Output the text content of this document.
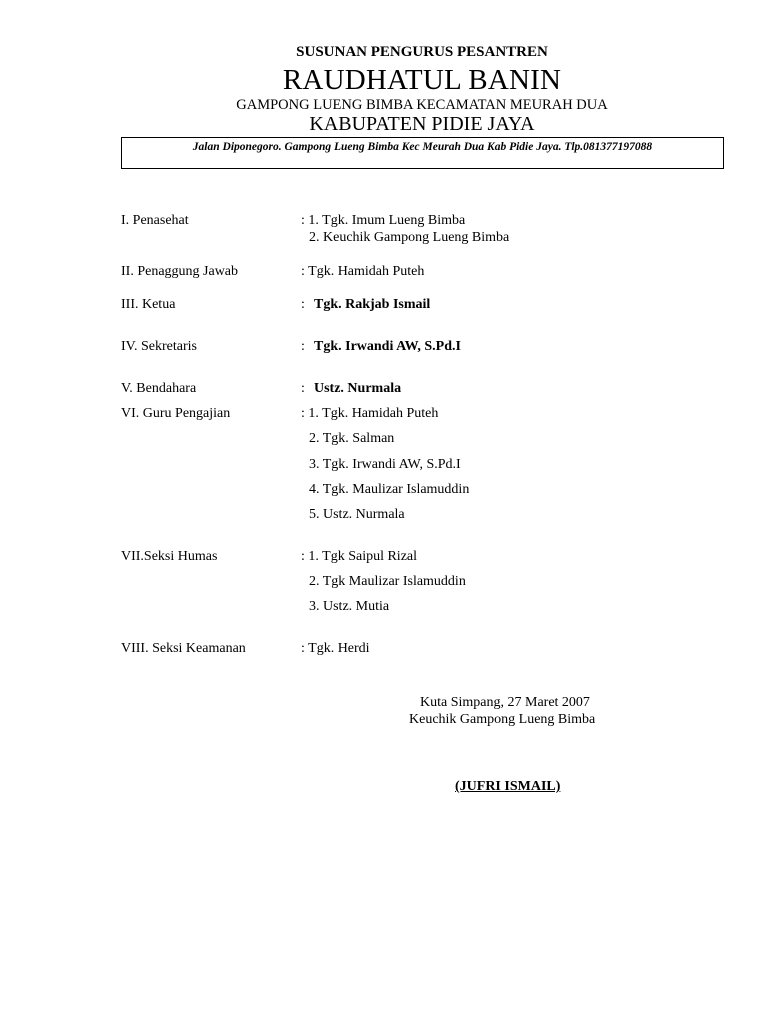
SUSUNAN PENGURUS PESANTREN
RAUDHATUL BANIN
GAMPONG LUENG BIMBA KECAMATAN MEURAH DUA
KABUPATEN PIDIE JAYA
Jalan Diponegoro. Gampong Lueng Bimba Kec Meurah Dua Kab Pidie Jaya. Tlp.081377197088
I. Penasehat	: 1. Tgk. Imum Lueng Bimba
2. Keuchik Gampong Lueng Bimba
II. Penaggung Jawab	: Tgk. Hamidah Puteh
III. Ketua	: Tgk. Rakjab Ismail
IV. Sekretaris	: Tgk. Irwandi AW, S.Pd.I
V. Bendahara	: Ustz. Nurmala
VI. Guru Pengajian	: 1. Tgk. Hamidah Puteh
2. Tgk. Salman
3. Tgk. Irwandi AW, S.Pd.I
4. Tgk. Maulizar Islamuddin
5. Ustz. Nurmala
VII.Seksi Humas	: 1. Tgk Saipul Rizal
2. Tgk Maulizar Islamuddin
3. Ustz. Mutia
VIII. Seksi Keamanan	: Tgk. Herdi
Kuta Simpang, 27 Maret 2007
Keuchik Gampong Lueng Bimba
(JUFRI ISMAIL)
